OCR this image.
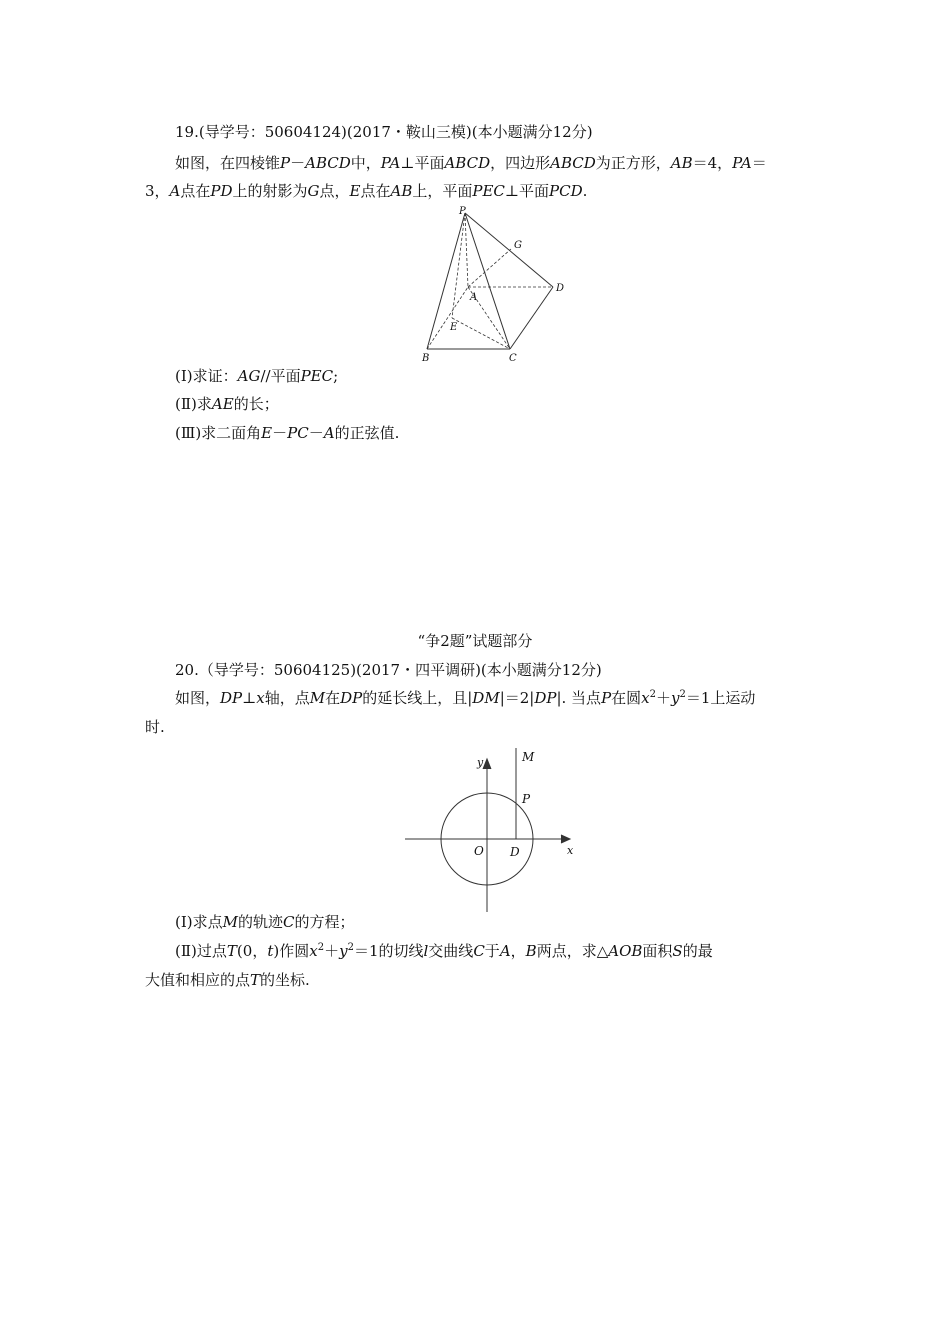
19.(导学号：50604124)(2017・鞍山三模)(本小题满分12分)
如图，在四棱锥P－ABCD中，PA⊥平面ABCD，四边形ABCD为正方形，AB＝4，PA＝
3，A点在PD上的射影为G点，E点在AB上，平面PEC⊥平面PCD.
P
G
A
D
E
B	C
(Ⅰ)求证：AG//平面PEC;
(Ⅱ)求AE的长；
(Ⅲ)求二面角E－PC－A的正弦值.
“争2题”试题部分
20.（导学号：50604125)(2017・四平调研)(本小题满分12分)
如图，DP⊥x轴，点M在DP的延长线上，且|DM|＝2|DP|. 当点P在圆$x^2+y^2=1$上运动
时.
y	M
P
O D	x
(Ⅰ)求点M的轨迹C的方程；
(Ⅱ)过点T(0，t)作圆$x^2+y^2=1$的切线l交曲线C于A，B两点，求△AOB面积S的最
大值和相应的点T的坐标.
